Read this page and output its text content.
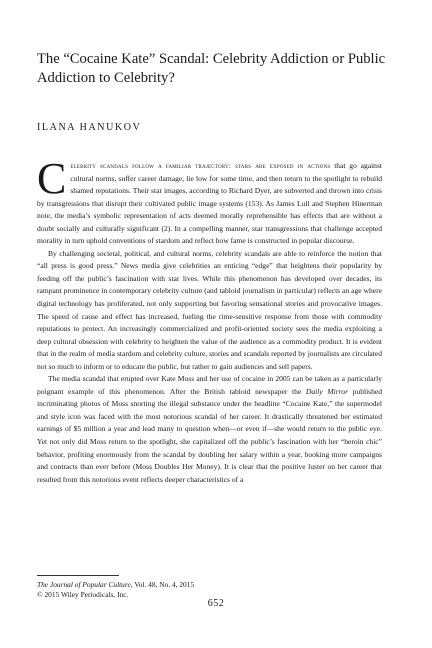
The “Cocaine Kate” Scandal: Celebrity Addiction or Public Addiction to Celebrity?
ILANA HANUKOV

Celebrity scandals follow a familiar trajectory: stars are exposed in actions that go against cultural norms, suffer career damage, lie low for some time, and then return to the spotlight to rebuild shamed reputations. Their star images, according to Richard Dyer, are subverted and thrown into crisis by transgressions that disrupt their cultivated public image systems (153). As James Lull and Stephen Hinerman note, the media’s symbolic representation of acts deemed morally reprehensible has effects that are without a doubt socially and culturally significant (2). In a compelling manner, star transgressions that challenge accepted morality in turn uphold conventions of stardom and reflect how fame is constructed in popular discourse.

By challenging societal, political, and cultural norms, celebrity scandals are able to reinforce the notion that “all press is good press.” News media give celebrities an enticing “edge” that heightens their popularity by feeding off the public’s fascination with star lives. While this phenomenon has developed over decades, its rampant prominence in contemporary celebrity culture (and tabloid journalism in particular) reflects an age where digital technology has proliferated, not only supporting but favoring sensational stories and provocative images. The speed of cause and effect has increased, fueling the rime-sensitive response from those with commodity reputations to protect. An increasingly commercialized and profit-oriented society sees the media exploiting a deep cultural obsession with celebrity to heighten the value of the audience as a commodity product. It is evident that in the realm of media stardom and celebrity culture, stories and scandals reported by journalists are circulated not so much to inform or to educate the public, but rather to gain audiences and sell papers.

The media scandal that erupted over Kate Moss and her use of cocaine in 2005 can be taken as a particularly poignant example of this phenomenon. After the British tabloid newspaper the Daily Mirror published incriminating photos of Moss snorting the illegal substance under the headline “Cocaine Kate,” the supermodel and style icon was faced with the most notorious scandal of her career. It drastically threatened her estimated earnings of $5 million a year and lead many to question when—or even if—she would return to the public eye. Yet not only did Moss return to the spotlight, she capitalized off the public’s fascination with her “heroin chic” behavior, profiting enormously from the scandal by doubling her salary within a year, booking more campaigns and contracts than ever before (Moss Doubles Her Money). It is clear that the positive luster on her career that resulted from this notorious event reflects deeper characteristics of a

The Journal of Popular Culture, Vol. 48, No. 4, 2015
© 2015 Wiley Periodicals, Inc.
652
